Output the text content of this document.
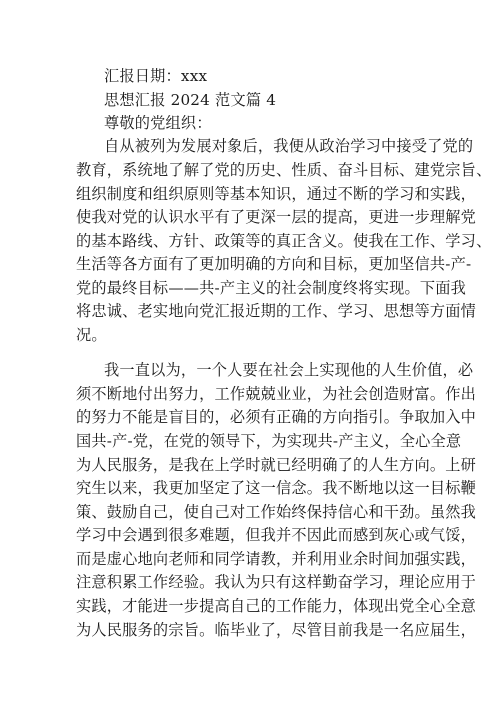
汇报日期：xxx
思想汇报 2024 范文篇 4
尊敬的党组织：
自从被列为发展对象后，我便从政治学习中接受了党的
教育，系统地了解了党的历史、性质、奋斗目标、建党宗旨、
组织制度和组织原则等基本知识，通过不断的学习和实践，
使我对党的认识水平有了更深一层的提高，更进一步理解党
的基本路线、方针、政策等的真正含义。使我在工作、学习、
生活等各方面有了更加明确的方向和目标，更加坚信共-产-
党的最终目标——共-产主义的社会制度终将实现。下面我
将忠诚、老实地向党汇报近期的工作、学习、思想等方面情
况。
我一直以为，一个人要在社会上实现他的人生价值，必
须不断地付出努力，工作兢兢业业，为社会创造财富。作出
的努力不能是盲目的，必须有正确的方向指引。争取加入中
国共-产-党，在党的领导下，为实现共-产主义，全心全意
为人民服务，是我在上学时就已经明确了的人生方向。上研
究生以来，我更加坚定了这一信念。我不断地以这一目标鞭
策、鼓励自己，使自己对工作始终保持信心和干劲。虽然我
学习中会遇到很多难题，但我并不因此而感到灰心或气馁，
而是虚心地向老师和同学请教，并利用业余时间加强实践，
注意积累工作经验。我认为只有这样勤奋学习，理论应用于
实践，才能进一步提高自己的工作能力，体现出党全心全意
为人民服务的宗旨。临毕业了，尽管目前我是一名应届生，
